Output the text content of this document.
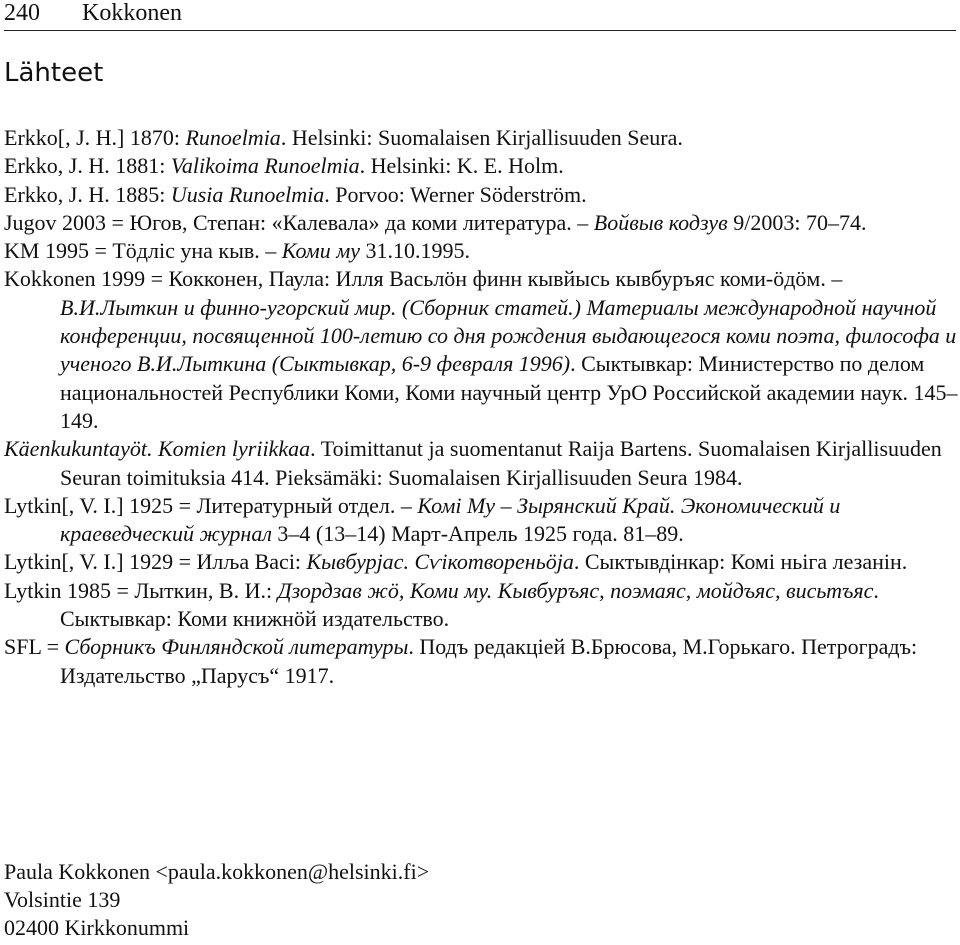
240 Kokkonen
Lähteet

Erkko[, J. H.] 1870: Runoelmia. Helsinki: Suomalaisen Kirjallisuuden Seura.

Erkko, J. H. 1881: Valikoima Runoelmia. Helsinki: K. E. Holm.

Erkko, J. H. 1885: Uusia Runoelmia. Porvoo: Werner Söderström.

Jugov 2003 = Югов, Степан: «Калевала» да коми литература. – Войвыв кодзув 9/2003: 70–74.

KM 1995 = Тӧдліс уна кыв. – Коми му 31.10.1995.

Kokkonen 1999 = Кокконен, Паула: Илля Васьлӧн финн кывйысь кывбуръяс коми-ӧдӧм. – В.И.Лыткин и финно-угорский мир. (Сборник статей.) Материалы международной научной конференции, посвященной 100-летию со дня рождения выдающегося коми поэта, философа и ученого В.И.Лыткина (Сыктывкар, 6-9 февраля 1996). Сыктывкар: Министерство по делом национальностей Республики Коми, Коми научный центр УрО Российской академии наук. 145–149.

Käenkukuntayöt. Komien lyriikkaa. Toimittanut ja suomentanut Raija Bartens. Suomalaisen Kirjallisuuden Seuran toimituksia 414. Pieksämäki: Suomalaisen Kirjallisuuden Seura 1984.

Lytkin[, V. I.] 1925 = Литературный отдел. – Комі Му – Зырянский Край. Экономический и краеведческий журнал 3–4 (13–14) Март-Апрель 1925 года. 81–89.

Lytkin[, V. I.] 1929 = Илља Васі: Кывбурјас. Сѵікотвореньӧјa. Сыктывдінкар: Комі ньіга лезанін.

Lytkin 1985 = Лыткин, В. И.: Дзордзав жӧ, Коми му. Кывбуръяс, поэмаяс, мойдъяс, висьтъяс. Сыктывкар: Коми книжнӧй издательство.

SFL = Сборникъ Финляндской литературы. Подъ редакціей В.Брюсова, М.Горькаго. Петроградъ: Издательство „Парусъ“ 1917.

Paula Kokkonen <paula.kokkonen@helsinki.fi>
Volsintie 139
02400 Kirkkonummi
